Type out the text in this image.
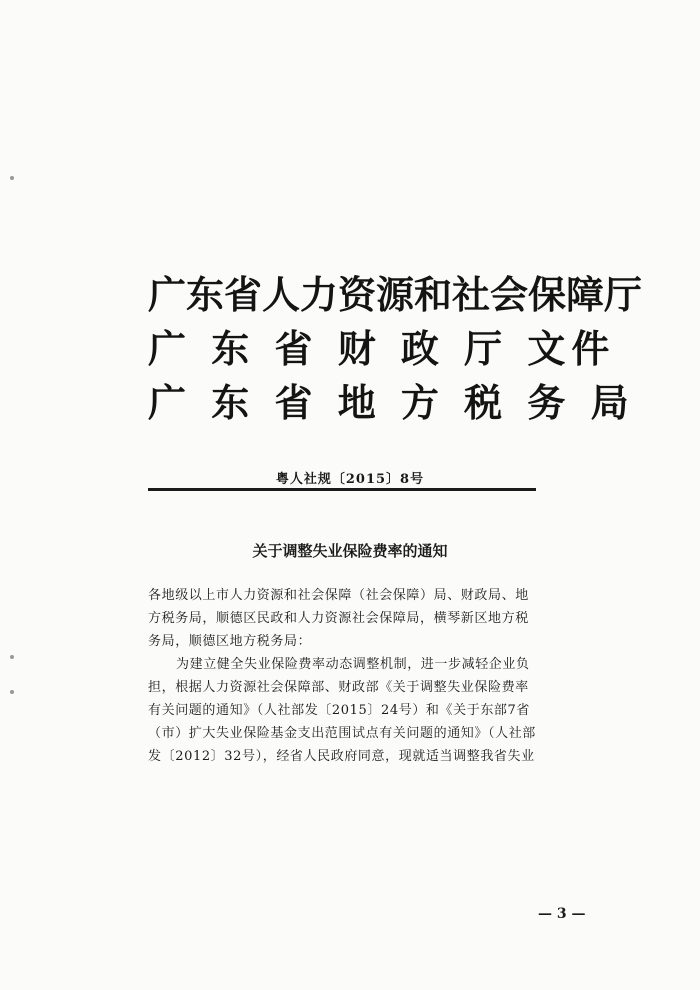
广东省人力资源和社会保障厅
广 东 省 财 政 厅 文件
广 东 省 地 方 税 务 局
粤人社规〔2015〕8号
关于调整失业保险费率的通知
各地级以上市人力资源和社会保障（社会保障）局、财政局、地
方税务局，顺德区民政和人力资源社会保障局，横琴新区地方税
务局，顺德区地方税务局：
为建立健全失业保险费率动态调整机制，进一步减轻企业负
担，根据人力资源社会保障部、财政部《关于调整失业保险费率
有关问题的通知》（人社部发〔2015〕24号）和《关于东部7省
（市）扩大失业保险基金支出范围试点有关问题的通知》（人社部
发〔2012〕32号），经省人民政府同意，现就适当调整我省失业
— 3 —
